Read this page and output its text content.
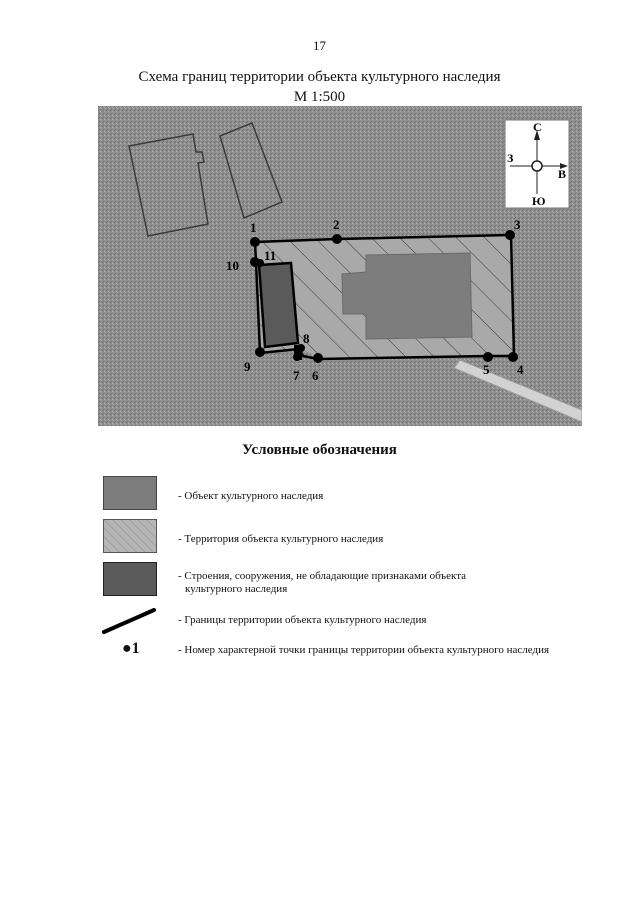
17
Схема границ территории объекта культурного наследия
М 1:500
1	2	3
4
5
6
7
8
9
10
11
С
Ю
В
З
Условные обозначения
- Объект культурного наследия
- Территория объекта культурного наследия
- Строения, сооружения, не обладающие признаками объекта
культурного наследия
- Границы территории объекта культурного наследия
●1	- Номер характерной точки границы территории объекта культурного наследия
